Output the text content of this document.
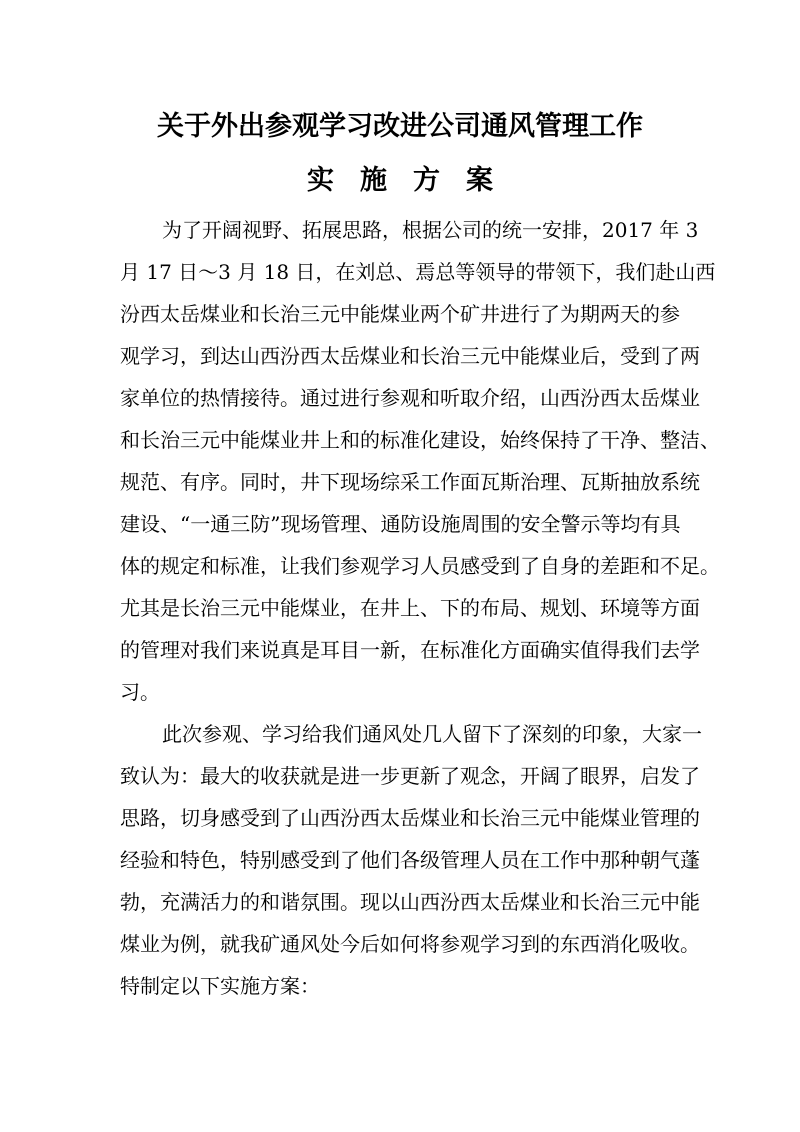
关于外出参观学习改进公司通风管理工作
实施方案
为了开阔视野、拓展思路，根据公司的统一安排，2017 年 3
月 17 日～3 月 18 日，在刘总、焉总等领导的带领下，我们赴山西
汾西太岳煤业和长治三元中能煤业两个矿井进行了为期两天的参
观学习，到达山西汾西太岳煤业和长治三元中能煤业后，受到了两
家单位的热情接待。通过进行参观和听取介绍，山西汾西太岳煤业
和长治三元中能煤业井上和的标准化建设，始终保持了干净、整洁、
规范、有序。同时，井下现场综采工作面瓦斯治理、瓦斯抽放系统
建设、“一通三防”现场管理、通防设施周围的安全警示等均有具
体的规定和标准，让我们参观学习人员感受到了自身的差距和不足。
尤其是长治三元中能煤业，在井上、下的布局、规划、环境等方面
的管理对我们来说真是耳目一新，在标准化方面确实值得我们去学
习。
此次参观、学习给我们通风处几人留下了深刻的印象，大家一
致认为：最大的收获就是进一步更新了观念，开阔了眼界，启发了
思路，切身感受到了山西汾西太岳煤业和长治三元中能煤业管理的
经验和特色，特别感受到了他们各级管理人员在工作中那种朝气蓬
勃，充满活力的和谐氛围。现以山西汾西太岳煤业和长治三元中能
煤业为例，就我矿通风处今后如何将参观学习到的东西消化吸收。
特制定以下实施方案：
